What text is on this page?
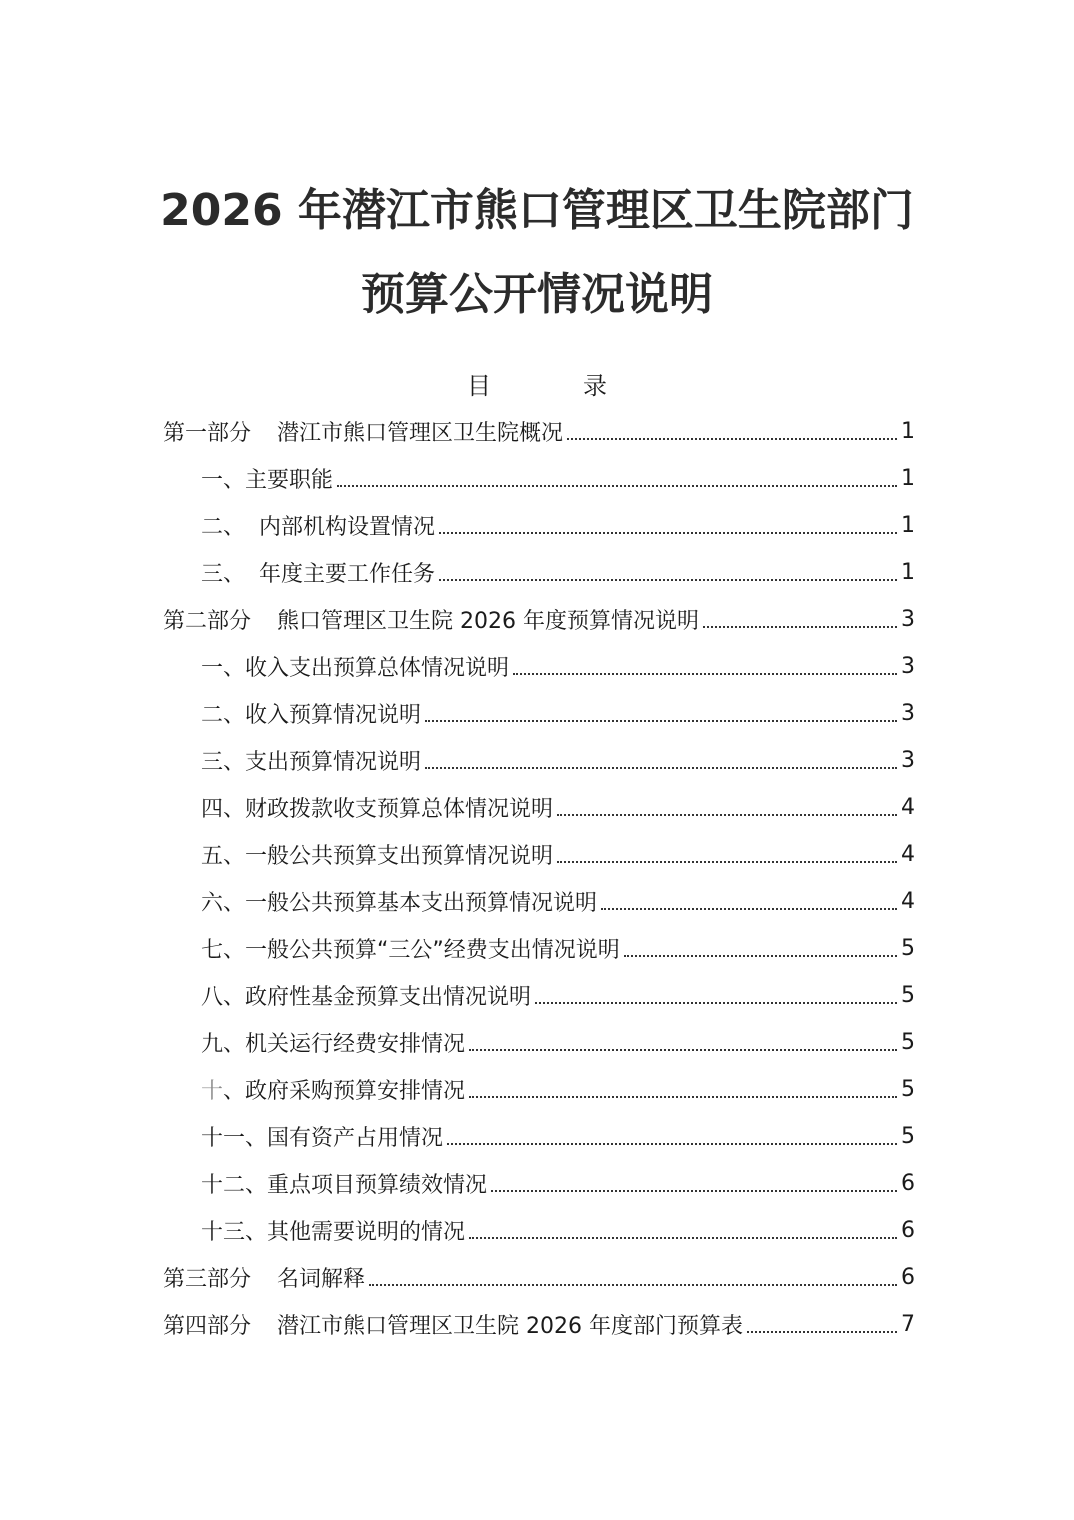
2026 年潜江市熊口管理区卫生院部门
预算公开情况说明
目　录
第一部分 潜江市熊口管理区卫生院概况	1
一、主要职能	1
二、 内部机构设置情况	1
三、 年度主要工作任务	1
第二部分 熊口管理区卫生院 2026 年度预算情况说明	3
一、收入支出预算总体情况说明	3
二、收入预算情况说明	3
三、支出预算情况说明	3
四、财政拨款收支预算总体情况说明	4
五、一般公共预算支出预算情况说明	4
六、一般公共预算基本支出预算情况说明	4
七、一般公共预算“三公”经费支出情况说明	5
八、政府性基金预算支出情况说明	5
九、机关运行经费安排情况	5
十、政府采购预算安排情况	5
十一、国有资产占用情况	5
十二、重点项目预算绩效情况	6
十三、其他需要说明的情况	6
第三部分 名词解释	6
第四部分 潜江市熊口管理区卫生院 2026 年度部门预算表	7
